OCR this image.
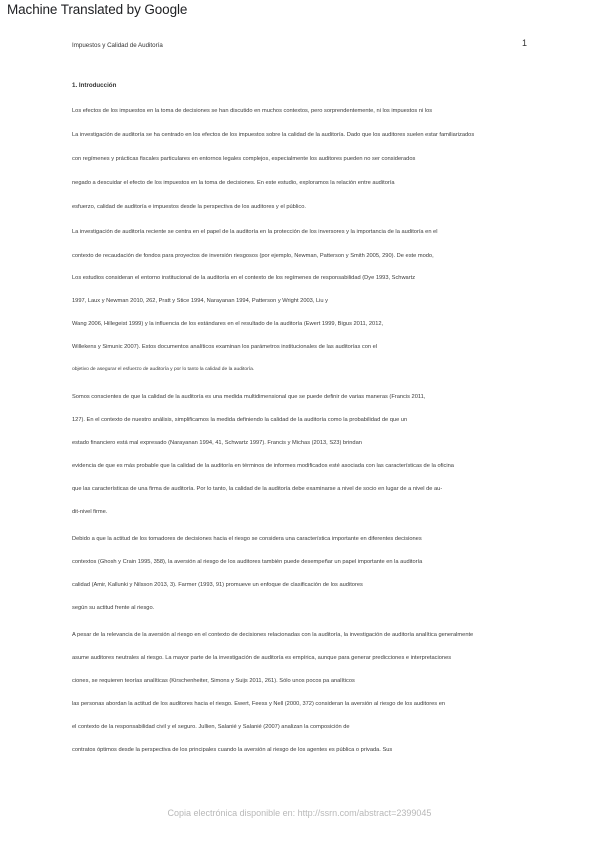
Machine Translated by Google
Impuestos y Calidad de Auditoría	1
1. Introducción
Los efectos de los impuestos en la toma de decisiones se han discutido en muchos contextos, pero sorprendentemente, ni los impuestos ni los
La investigación de auditoría se ha centrado en los efectos de los impuestos sobre la calidad de la auditoría. Dado que los auditores suelen estar familiarizados
con regímenes y prácticas fiscales particulares en entornos legales complejos, especialmente los auditores pueden no ser considerados
negado a descuidar el efecto de los impuestos en la toma de decisiones. En este estudio, exploramos la relación entre auditoría
esfuerzo, calidad de auditoría e impuestos desde la perspectiva de los auditores y el público.
La investigación de auditoría reciente se centra en el papel de la auditoría en la protección de los inversores y la importancia de la auditoría en el
contexto de recaudación de fondos para proyectos de inversión riesgosos (por ejemplo, Newman, Patterson y Smith 2005, 290). De este modo,
Los estudios consideran el entorno institucional de la auditoría en el contexto de los regímenes de responsabilidad (Dye 1993, Schwartz
1997, Laux y Newman 2010, 262, Pratt y Stice 1994, Narayanan 1994, Patterson y Wright 2003, Liu y
Wang 2006, Hillegeist 1999) y la influencia de los estándares en el resultado de la auditoría (Ewert 1999, Bigus 2011, 2012,
Willekens y Simunic 2007). Estos documentos analíticos examinan los parámetros institucionales de las auditorías con el
objetivo de asegurar el esfuerzo de auditoría y por lo tanto la calidad de la auditoría.
Somos conscientes de que la calidad de la auditoría es una medida multidimensional que se puede definir de varias maneras (Francis 2011,
127). En el contexto de nuestro análisis, simplificamos la medida definiendo la calidad de la auditoría como la probabilidad de que un
estado financiero está mal expresado (Narayanan 1994, 41, Schwartz 1997). Francis y Michas (2013, S23) brindan
evidencia de que es más probable que la calidad de la auditoría en términos de informes modificados esté asociada con las características de la oficina
que las características de una firma de auditoría. Por lo tanto, la calidad de la auditoría debe examinarse a nivel de socio en lugar de a nivel de au-
dit-nivel firme.
Debido a que la actitud de los tomadores de decisiones hacia el riesgo se considera una característica importante en diferentes decisiones
contextos (Ghosh y Crain 1995, 358), la aversión al riesgo de los auditores también puede desempeñar un papel importante en la auditoría
calidad (Amir, Kallunki y Nilsson 2013, 3). Farmer (1993, 91) promueve un enfoque de clasificación de los auditores
según su actitud frente al riesgo.
A pesar de la relevancia de la aversión al riesgo en el contexto de decisiones relacionadas con la auditoría, la investigación de auditoría analítica generalmente
asume auditores neutrales al riesgo. La mayor parte de la investigación de auditoría es empírica, aunque para generar predicciones e interpretaciones
ciones, se requieren teorías analíticas (Kirschenheiter, Simons y Suijs 2011, 261). Sólo unos pocos pa analíticos
las personas abordan la actitud de los auditores hacia el riesgo. Ewert, Feess y Nell (2000, 372) consideran la aversión al riesgo de los auditores en
el contexto de la responsabilidad civil y el seguro. Jullien, Salanié y Salanié (2007) analizan la composición de
contratos óptimos desde la perspectiva de los principales cuando la aversión al riesgo de los agentes es pública o privada. Sus
Copia electrónica disponible en: http://ssrn.com/abstract=2399045
